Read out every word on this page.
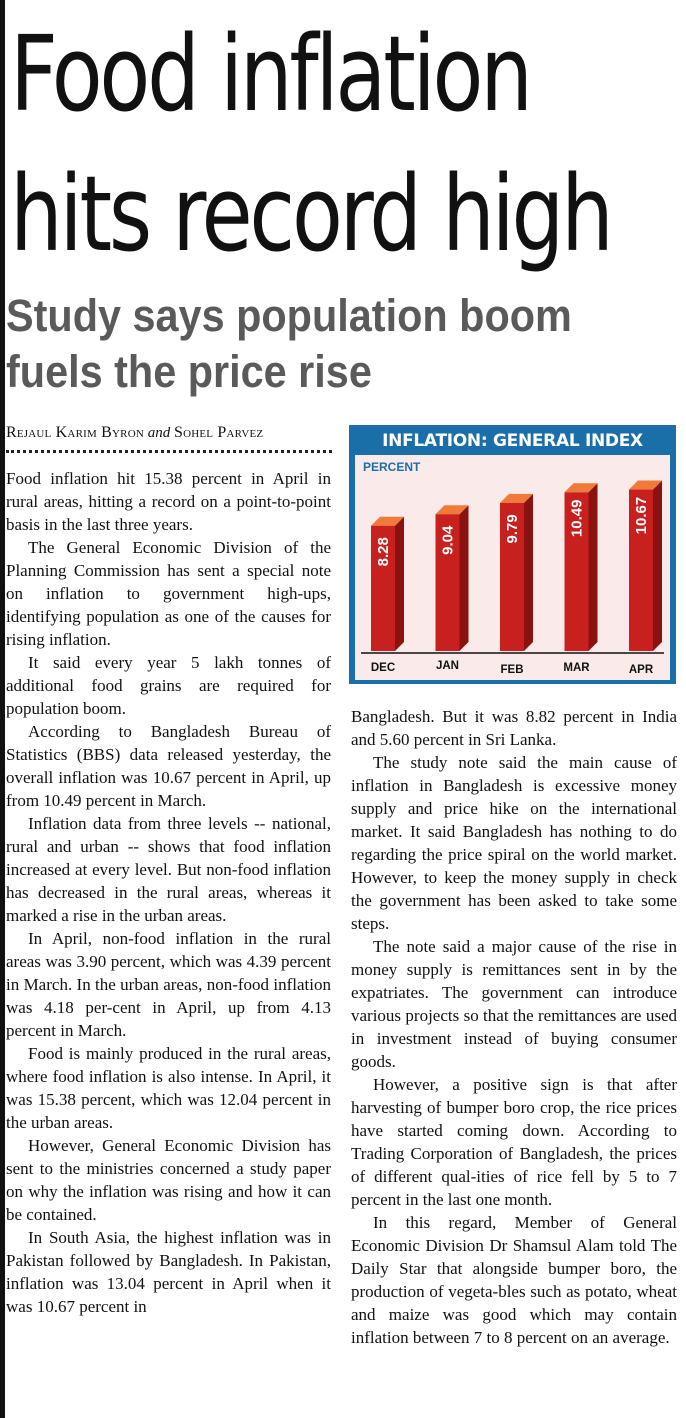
Food inflation
hits record high
Study says population boom
fuels the price rise
Rejaul Karim Byron and Sohel Parvez

Food inflation hit 15.38 percent in April in rural areas, hitting a record on a point-to-point basis in the last three years.

The General Economic Division of the Planning Commission has sent a special note on inflation to government high-ups, identifying population as one of the causes for rising inflation.

It said every year 5 lakh tonnes of additional food grains are required for population boom.

According to Bangladesh Bureau of Statistics (BBS) data released yesterday, the overall inflation was 10.67 percent in April, up from 10.49 percent in March.

Inflation data from three levels -- national, rural and urban -- shows that food inflation increased at every level. But non-food inflation has decreased in the rural areas, whereas it marked a rise in the urban areas.

In April, non-food inflation in the rural areas was 3.90 percent, which was 4.39 percent in March. In the urban areas, non-food inflation was 4.18 per-cent in April, up from 4.13 percent in March.

Food is mainly produced in the rural areas, where food inflation is also intense. In April, it was 15.38 percent, which was 12.04 percent in the urban areas.

However, General Economic Division has sent to the ministries concerned a study paper on why the inflation was rising and how it can be contained.

In South Asia, the highest inflation was in Pakistan followed by Bangladesh. In Pakistan, inflation was 13.04 percent in April when it was 10.67 percent in

INFLATION: GENERAL INDEX
PERCENT
8.28	9.04	9.79	10.49	10.67
DEC	JAN	FEB	MAR	APR

Bangladesh. But it was 8.82 percent in India and 5.60 percent in Sri Lanka.

The study note said the main cause of inflation in Bangladesh is excessive money supply and price hike on the international market. It said Bangladesh has nothing to do regarding the price spiral on the world market. However, to keep the money supply in check the government has been asked to take some steps.

The note said a major cause of the rise in money supply is remittances sent in by the expatriates. The government can introduce various projects so that the remittances are used in investment instead of buying consumer goods.

However, a positive sign is that after harvesting of bumper boro crop, the rice prices have started coming down. According to Trading Corporation of Bangladesh, the prices of different qual-ities of rice fell by 5 to 7 percent in the last one month.

In this regard, Member of General Economic Division Dr Shamsul Alam told The Daily Star that alongside bumper boro, the production of vegeta-bles such as potato, wheat and maize was good which may contain inflation between 7 to 8 percent on an average.
